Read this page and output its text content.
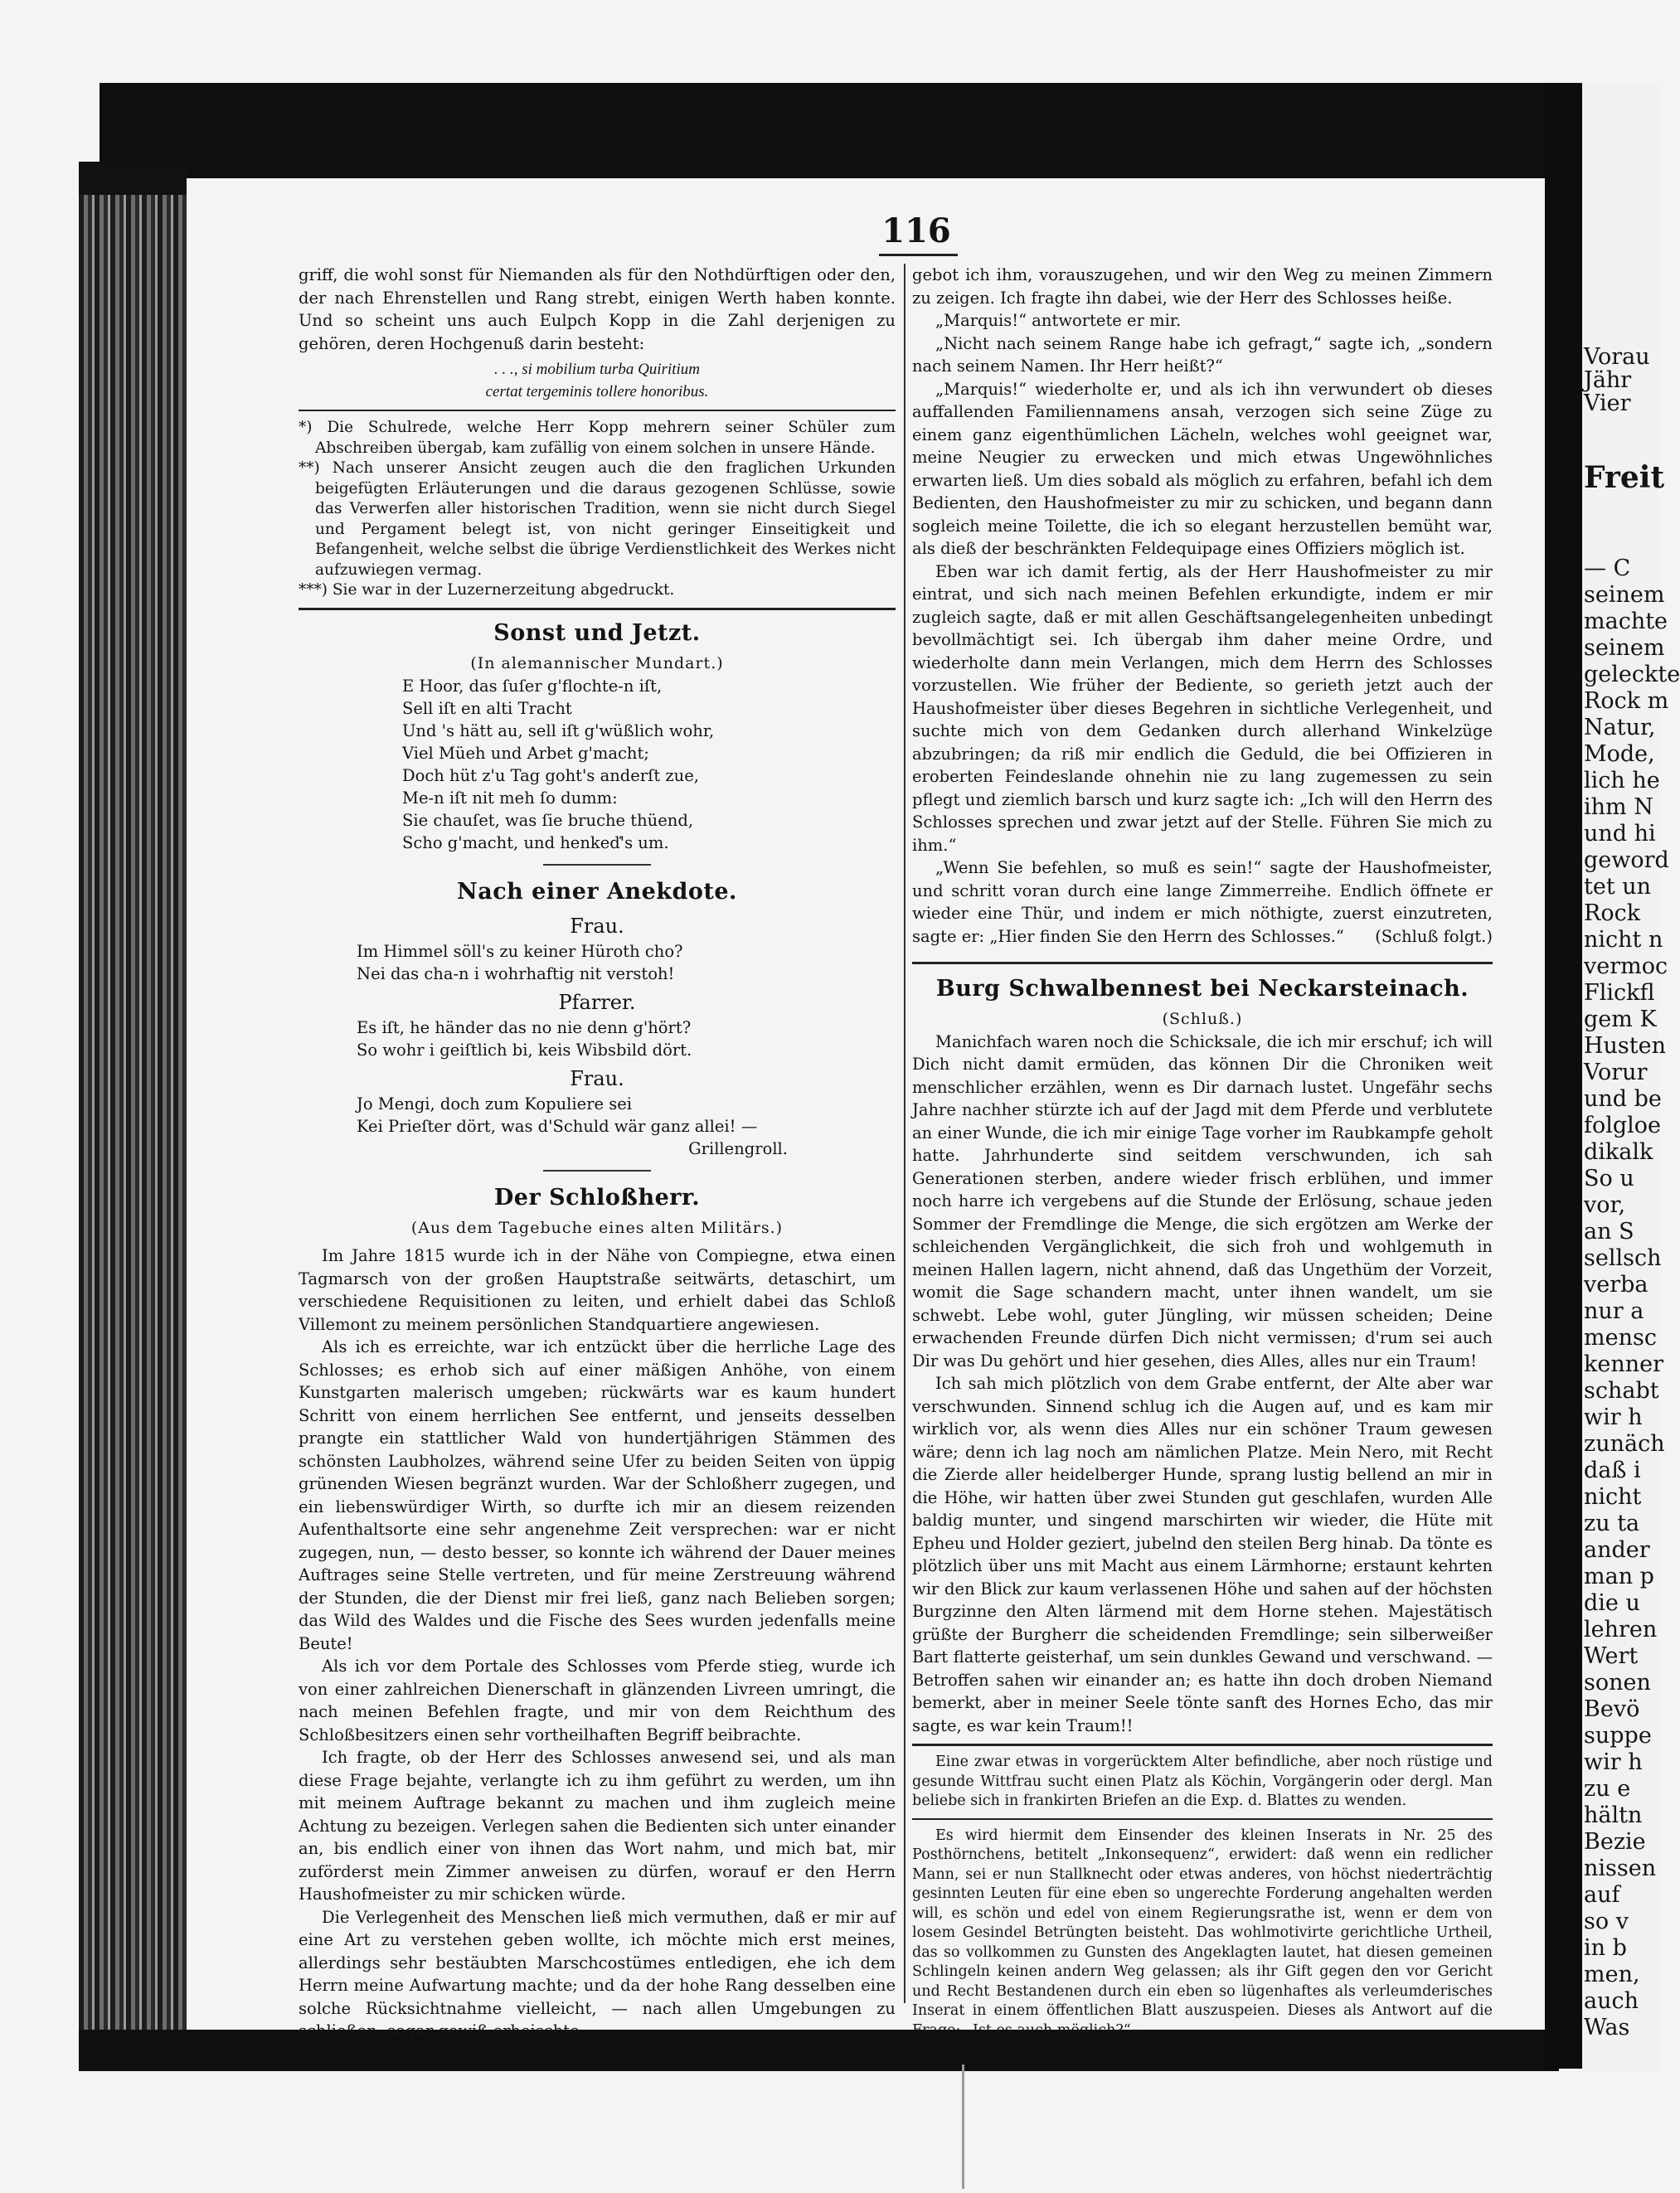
Vorau
Jähr
Vier
Freit
— C
seinem
machte
seinem
geleckte
Rock m
Natur,
Mode,
lich he
ihm N
und hi
geword
tet un
Rock
nicht n
vermoc
Flickfl
gem K
Husten
Vorur
und be
folgloe
dikalk
So u
vor,
an S
sellsch
verba
nur a
mensc
kenner
schabt
wir h
zunäch
daß i
nicht
zu ta
ander
man p
die u
lehren
Wert
sonen
Bevö
suppe
wir h
zu e
hältn
Bezie
nissen
auf
so v
in b
men,
auch
Was
116

griff, die wohl sonst für Niemanden als für den Nothdürftigen oder den, der nach Ehrenstellen und Rang strebt, einigen Werth haben konnte. Und so scheint uns auch Eulpch Kopp in die Zahl derjenigen zu gehören, deren Hochgenuß darin besteht:

. . ., si mobilium turba Quiritium
certat tergeminis tollere honoribus.

*) Die Schulrede, welche Herr Kopp mehrern seiner Schüler zum Abschreiben übergab, kam zufällig von einem solchen in unsere Hände.

**) Nach unserer Ansicht zeugen auch die den fraglichen Urkunden beigefügten Erläuterungen und die daraus gezogenen Schlüsse, sowie das Verwerfen aller historischen Tradition, wenn sie nicht durch Siegel und Pergament belegt ist, von nicht geringer Einseitigkeit und Befangenheit, welche selbst die übrige Verdienstlichkeit des Werkes nicht aufzuwiegen vermag.

***) Sie war in der Luzernerzeitung abgedruckt.

Sonst und Jetzt.
(In alemannischer Mundart.)
E Hoor, das ſuſer g'flochte-n iſt,
Sell iſt en alti Tracht
Und 's hätt au, sell iſt g'wüßlich wohr,
Viel Müeh und Arbet g'macht;
Doch hüt z'u Tag goht's anderſt zue,
Me-n iſt nit meh ſo dumm:
Sie chauſet, was ſie bruche thüend,
Scho g'macht, und henkeď's um.
Nach einer Anekdote.
Frau.
Im Himmel söll's zu keiner Hüroth cho?
Nei das cha-n i wohrhaftig nit verstoh!
Pfarrer.
Es iſt, he händer das no nie denn g'hört?
So wohr i geiſtlich bi, keis Wibsbild dört.
Frau.
Jo Mengi, doch zum Kopuliere sei
Kei Prieſter dört, was d'Schuld wär ganz allei! —
Grillengroll.
Der Schloßherr.
(Aus dem Tagebuche eines alten Militärs.)

Im Jahre 1815 wurde ich in der Nähe von Compiegne, etwa einen Tagmarsch von der großen Hauptstraße seitwärts, detaschirt, um verschiedene Requisitionen zu leiten, und erhielt dabei das Schloß Villemont zu meinem persönlichen Standquartiere angewiesen.

Als ich es erreichte, war ich entzückt über die herrliche Lage des Schlosses; es erhob sich auf einer mäßigen Anhöhe, von einem Kunstgarten malerisch umgeben; rückwärts war es kaum hundert Schritt von einem herrlichen See entfernt, und jenseits desselben prangte ein stattlicher Wald von hundertjährigen Stämmen des schönsten Laubholzes, während seine Ufer zu beiden Seiten von üppig grünenden Wiesen begränzt wurden. War der Schloßherr zugegen, und ein liebenswürdiger Wirth, so durfte ich mir an diesem reizenden Aufenthaltsorte eine sehr angenehme Zeit versprechen: war er nicht zugegen, nun, — desto besser, so konnte ich während der Dauer meines Auftrages seine Stelle vertreten, und für meine Zerstreuung während der Stunden, die der Dienst mir frei ließ, ganz nach Belieben sorgen; das Wild des Waldes und die Fische des Sees wurden jedenfalls meine Beute!

Als ich vor dem Portale des Schlosses vom Pferde stieg, wurde ich von einer zahlreichen Dienerschaft in glänzenden Livreen umringt, die nach meinen Befehlen fragte, und mir von dem Reichthum des Schloßbesitzers einen sehr vortheilhaften Begriff beibrachte.

Ich fragte, ob der Herr des Schlosses anwesend sei, und als man diese Frage bejahte, verlangte ich zu ihm geführt zu werden, um ihn mit meinem Auftrage bekannt zu machen und ihm zugleich meine Achtung zu bezeigen. Verlegen sahen die Bedienten sich unter einander an, bis endlich einer von ihnen das Wort nahm, und mich bat, mir zuförderst mein Zimmer anweisen zu dürfen, worauf er den Herrn Haushofmeister zu mir schicken würde.

Die Verlegenheit des Menschen ließ mich vermuthen, daß er mir auf eine Art zu verstehen geben wollte, ich möchte mich erst meines, allerdings sehr bestäubten Marschcostümes entledigen, ehe ich dem Herrn meine Aufwartung machte; und da der hohe Rang desselben eine solche Rücksichtnahme vielleicht, — nach allen Umgebungen zu schließen, sogar gewiß erheischte,

gebot ich ihm, vorauszugehen, und wir den Weg zu meinen Zimmern zu zeigen. Ich fragte ihn dabei, wie der Herr des Schlosses heiße.

„Marquis!“ antwortete er mir.

„Nicht nach seinem Range habe ich gefragt,“ sagte ich, „sondern nach seinem Namen. Ihr Herr heißt?“

„Marquis!“ wiederholte er, und als ich ihn verwundert ob dieses auffallenden Familiennamens ansah, verzogen sich seine Züge zu einem ganz eigenthümlichen Lächeln, welches wohl geeignet war, meine Neugier zu erwecken und mich etwas Ungewöhnliches erwarten ließ. Um dies sobald als möglich zu erfahren, befahl ich dem Bedienten, den Haushofmeister zu mir zu schicken, und begann dann sogleich meine Toilette, die ich so elegant herzustellen bemüht war, als dieß der beschränkten Feldequipage eines Offiziers möglich ist.

Eben war ich damit fertig, als der Herr Haushofmeister zu mir eintrat, und sich nach meinen Befehlen erkundigte, indem er mir zugleich sagte, daß er mit allen Geschäftsangelegenheiten unbedingt bevollmächtigt sei. Ich übergab ihm daher meine Ordre, und wiederholte dann mein Verlangen, mich dem Herrn des Schlosses vorzustellen. Wie früher der Bediente, so gerieth jetzt auch der Haushofmeister über dieses Begehren in sichtliche Verlegenheit, und suchte mich von dem Gedanken durch allerhand Winkelzüge abzubringen; da riß mir endlich die Geduld, die bei Offizieren in eroberten Feindeslande ohnehin nie zu lang zugemessen zu sein pflegt und ziemlich barsch und kurz sagte ich: „Ich will den Herrn des Schlosses sprechen und zwar jetzt auf der Stelle. Führen Sie mich zu ihm.“

„Wenn Sie befehlen, so muß es sein!“ sagte der Haushofmeister, und schritt voran durch eine lange Zimmerreihe. Endlich öffnete er wieder eine Thür, und indem er mich nöthigte, zuerst einzutreten, sagte er: „Hier finden Sie den Herrn des Schlosses.“	(Schluß folgt.)
Burg Schwalbennest bei Neckarsteinach.
(Schluß.)

Manichfach waren noch die Schicksale, die ich mir erschuf; ich will Dich nicht damit ermüden, das können Dir die Chroniken weit menschlicher erzählen, wenn es Dir darnach lustet. Ungefähr sechs Jahre nachher stürzte ich auf der Jagd mit dem Pferde und verblutete an einer Wunde, die ich mir einige Tage vorher im Raubkampfe geholt hatte. Jahrhunderte sind seitdem verschwunden, ich sah Generationen sterben, andere wieder frisch erblühen, und immer noch harre ich vergebens auf die Stunde der Erlösung, schaue jeden Sommer der Fremdlinge die Menge, die sich ergötzen am Werke der schleichenden Vergänglichkeit, die sich froh und wohlgemuth in meinen Hallen lagern, nicht ahnend, daß das Ungethüm der Vorzeit, womit die Sage schandern macht, unter ihnen wandelt, um sie schwebt. Lebe wohl, guter Jüngling, wir müssen scheiden; Deine erwachenden Freunde dürfen Dich nicht vermissen; d'rum sei auch Dir was Du gehört und hier gesehen, dies Alles, alles nur ein Traum!

Ich sah mich plötzlich von dem Grabe entfernt, der Alte aber war verschwunden. Sinnend schlug ich die Augen auf, und es kam mir wirklich vor, als wenn dies Alles nur ein schöner Traum gewesen wäre; denn ich lag noch am nämlichen Platze. Mein Nero, mit Recht die Zierde aller heidelberger Hunde, sprang lustig bellend an mir in die Höhe, wir hatten über zwei Stunden gut geschlafen, wurden Alle baldig munter, und singend marschirten wir wieder, die Hüte mit Epheu und Holder geziert, jubelnd den steilen Berg hinab. Da tönte es plötzlich über uns mit Macht aus einem Lärmhorne; erstaunt kehrten wir den Blick zur kaum verlassenen Höhe und sahen auf der höchsten Burgzinne den Alten lärmend mit dem Horne stehen. Majestätisch grüßte der Burgherr die scheidenden Fremdlinge; sein silberweißer Bart flatterte geisterhaf, um sein dunkles Gewand und verschwand. — Betroffen sahen wir einander an; es hatte ihn doch droben Niemand bemerkt, aber in meiner Seele tönte sanft des Hornes Echo, das mir sagte, es war kein Traum!!

Eine zwar etwas in vorgerücktem Alter befindliche, aber noch rüstige und gesunde Wittfrau sucht einen Platz als Köchin, Vorgängerin oder dergl. Man beliebe sich in frankirten Briefen an die Exp. d. Blattes zu wenden.

Es wird hiermit dem Einsender des kleinen Inserats in Nr. 25 des Posthörnchens, betitelt „Inkonsequenz“, erwidert: daß wenn ein redlicher Mann, sei er nun Stallknecht oder etwas anderes, von höchst niederträchtig gesinnten Leuten für eine eben so ungerechte Forderung angehalten werden will, es schön und edel von einem Regierungsrathe ist, wenn er dem von losem Gesindel Betrüngten beisteht. Das wohlmotivirte gerichtliche Urtheil, das so vollkommen zu Gunsten des Angeklagten lautet, hat diesen gemeinen Schlingeln keinen andern Weg gelassen; als ihr Gift gegen den vor Gericht und Recht Bestandenen durch ein eben so lügenhaftes als verleumderisches Inserat in einem öffentlichen Blatt auszuspeien. Dieses als Antwort auf die Frage: „Ist es auch möglich?“ —
